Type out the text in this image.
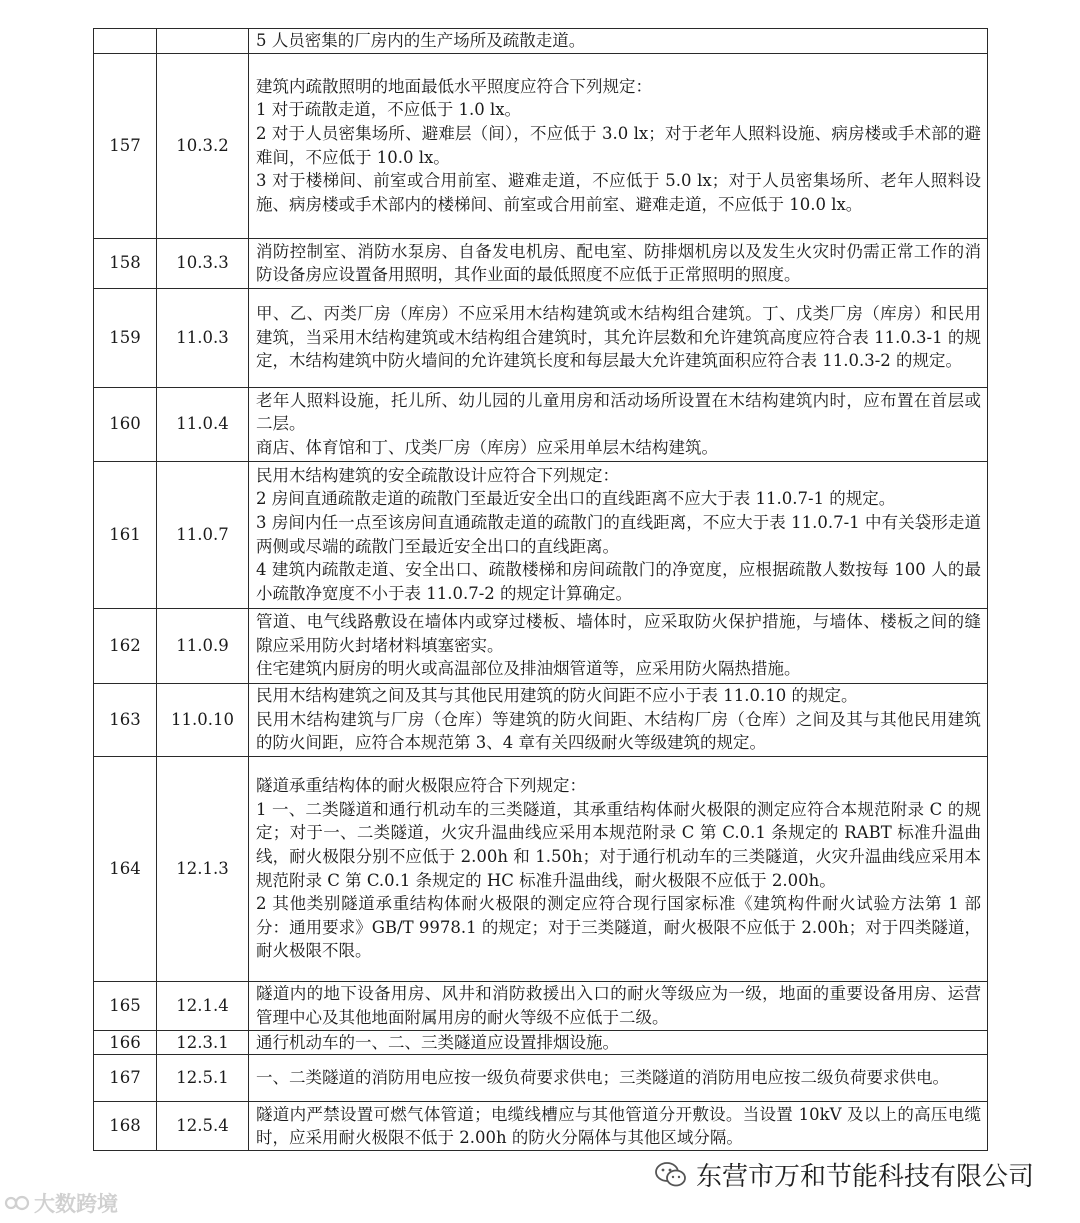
		5 人员密集的厂房内的生产场所及疏散走道。

157	10.3.2	建筑内疏散照明的地面最低水平照度应符合下列规定：
1 对于疏散走道，不应低于 1.0 lx。
2 对于人员密集场所、避难层（间），不应低于 3.0 lx；对于老年人照料设施、病房楼或手术部的避难间，不应低于 10.0 lx。
3 对于楼梯间、前室或合用前室、避难走道，不应低于 5.0 lx；对于人员密集场所、老年人照料设施、病房楼或手术部内的楼梯间、前室或合用前室、避难走道，不应低于 10.0 lx。

158	10.3.3	消防控制室、消防水泵房、自备发电机房、配电室、防排烟机房以及发生火灾时仍需正常工作的消防设备房应设置备用照明，其作业面的最低照度不应低于正常照明的照度。

159	11.0.3	甲、乙、丙类厂房（库房）不应采用木结构建筑或木结构组合建筑。丁、戊类厂房（库房）和民用建筑，当采用木结构建筑或木结构组合建筑时，其允许层数和允许建筑高度应符合表 11.0.3-1 的规定，木结构建筑中防火墙间的允许建筑长度和每层最大允许建筑面积应符合表 11.0.3-2 的规定。

160	11.0.4	老年人照料设施，托儿所、幼儿园的儿童用房和活动场所设置在木结构建筑内时，应布置在首层或二层。
商店、体育馆和丁、戊类厂房（库房）应采用单层木结构建筑。

161	11.0.7	民用木结构建筑的安全疏散设计应符合下列规定：
2 房间直通疏散走道的疏散门至最近安全出口的直线距离不应大于表 11.0.7-1 的规定。
3 房间内任一点至该房间直通疏散走道的疏散门的直线距离，不应大于表 11.0.7-1 中有关袋形走道两侧或尽端的疏散门至最近安全出口的直线距离。
4 建筑内疏散走道、安全出口、疏散楼梯和房间疏散门的净宽度，应根据疏散人数按每 100 人的最小疏散净宽度不小于表 11.0.7-2 的规定计算确定。

162	11.0.9	管道、电气线路敷设在墙体内或穿过楼板、墙体时，应采取防火保护措施，与墙体、楼板之间的缝隙应采用防火封堵材料填塞密实。
住宅建筑内厨房的明火或高温部位及排油烟管道等，应采用防火隔热措施。

163	11.0.10	民用木结构建筑之间及其与其他民用建筑的防火间距不应小于表 11.0.10 的规定。
民用木结构建筑与厂房（仓库）等建筑的防火间距、木结构厂房（仓库）之间及其与其他民用建筑的防火间距，应符合本规范第 3、4 章有关四级耐火等级建筑的规定。

164	12.1.3	隧道承重结构体的耐火极限应符合下列规定：
1 一、二类隧道和通行机动车的三类隧道，其承重结构体耐火极限的测定应符合本规范附录 C 的规定；对于一、二类隧道，火灾升温曲线应采用本规范附录 C 第 C.0.1 条规定的 RABT 标准升温曲线，耐火极限分别不应低于 2.00h 和 1.50h；对于通行机动车的三类隧道，火灾升温曲线应采用本规范附录 C 第 C.0.1 条规定的 HC 标准升温曲线，耐火极限不应低于 2.00h。
2 其他类别隧道承重结构体耐火极限的测定应符合现行国家标准《建筑构件耐火试验方法第 1 部分：通用要求》GB/T 9978.1 的规定；对于三类隧道，耐火极限不应低于 2.00h；对于四类隧道，耐火极限不限。

165	12.1.4	隧道内的地下设备用房、风井和消防救援出入口的耐火等级应为一级，地面的重要设备用房、运营管理中心及其他地面附属用房的耐火等级不应低于二级。

166	12.3.1	通行机动车的一、二、三类隧道应设置排烟设施。

167	12.5.1	一、二类隧道的消防用电应按一级负荷要求供电；三类隧道的消防用电应按二级负荷要求供电。

168	12.5.4	隧道内严禁设置可燃气体管道；电缆线槽应与其他管道分开敷设。当设置 10kV 及以上的高压电缆时，应采用耐火极限不低于 2.00h 的防火分隔体与其他区域分隔。
大数跨境
东营市万和节能科技有限公司
